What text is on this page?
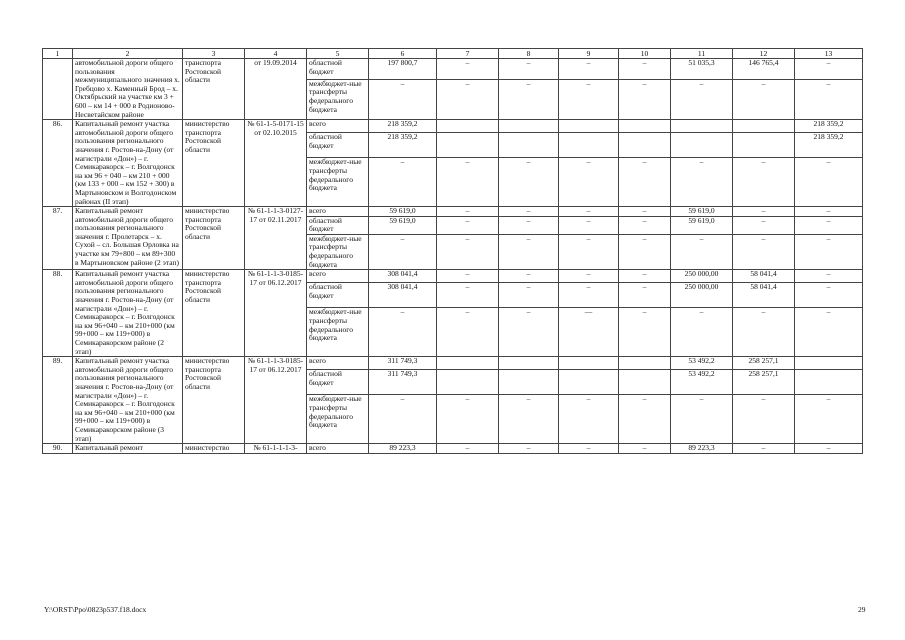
1	2	3	4	5	6	7	8	9	10	11	12	13
	автомобильной дороги общего пользования межмуниципального значения х. Гребцово х. Каменный Брод – х. Октябрьский на участке км 3 + 600 – км 14 + 000 в Родионово-Несветайском районе	транспорта Ростовской области	от 19.09.2014	областной бюджет	197 800,7	–	–	–	–	51 035,3	146 765,4	–
				межбюджет-ные трансферты федерального бюджета	–	–	–	–	–	–	–	–
86.	Капитальный ремонт участка автомобильной дороги общего пользования регионального значения г. Ростов-на-Дону (от магистрали «Дон») – г. Семикаракорск – г. Волгодонск на км 96 + 040 – км 210 + 000 (км 133 + 000 – км 152 + 300) в Мартыновском и Волгодонском районах (II этап)	министерство транспорта Ростовской области	№ 61-1-5-0171-15 от 02.10.2015	всего	218 359,2							218 359,2
				областной бюджет	218 359,2							218 359,2
				межбюджет-ные трансферты федерального бюджета	–	–	–	–	–	–	–	–
87.	Капитальный ремонт автомобильной дороги общего пользования регионального значения г. Пролетарск – х. Сухой – сл. Большая Орловка на участке км 79+800 – км 89+300 в Мартыновском районе (2 этап)	министерство транспорта Ростовской области	№ 61-1-1-3-0127-17 от 02.11.2017	всего	59 619,0	–	–	–	–	59 619,0	–	–
				областной бюджет	59 619,0	–	–	–	–	59 619,0	–	–
				межбюджет-ные трансферты федерального бюджета	–	–	–	–	–	–	–	–
88.	Капитальный ремонт участка автомобильной дороги общего пользования регионального значения г. Ростов-на-Дону (от магистрали «Дон») – г. Семикаракорск – г. Волгодонск на км 96+040 – км 210+000 (км 99+000 – км 119+000) в Семикаракорском районе (2 этап)	министерство транспорта Ростовской области	№ 61-1-1-3-0185-17 от 06.12.2017	всего	308 041,4	–	–	–	–	250 000,00	58 041,4	–
				областной бюджет	308 041,4	–	–	–	–	250 000,00	58 041,4	–
				межбюджет-ные трансферты федерального бюджета	–	–	–	—	–	–	–	–
89.	Капитальный ремонт участка автомобильной дороги общего пользования регионального значения г. Ростов-на-Дону (от магистрали «Дон») – г. Семикаракорск – г. Волгодонск на км 96+040 – км 210+000 (км 99+000 – км 119+000) в Семикаракорском районе (3 этап)	министерство транспорта Ростовской области	№ 61-1-1-3-0185-17 от 06.12.2017	всего	311 749,3					53 492,2	258 257,1	
				областной бюджет	311 749,3					53 492,2	258 257,1	
				межбюджет-ные трансферты федерального бюджета	–	–	–	–	–	–	–	–
90.	Капитальный ремонт	министерство	№ 61-1-1-1-3-	всего	89 223,3	–	–	–	–	89 223,3	–	–
Y:\ORST\Ppo\0823p537.f18.docx	29
